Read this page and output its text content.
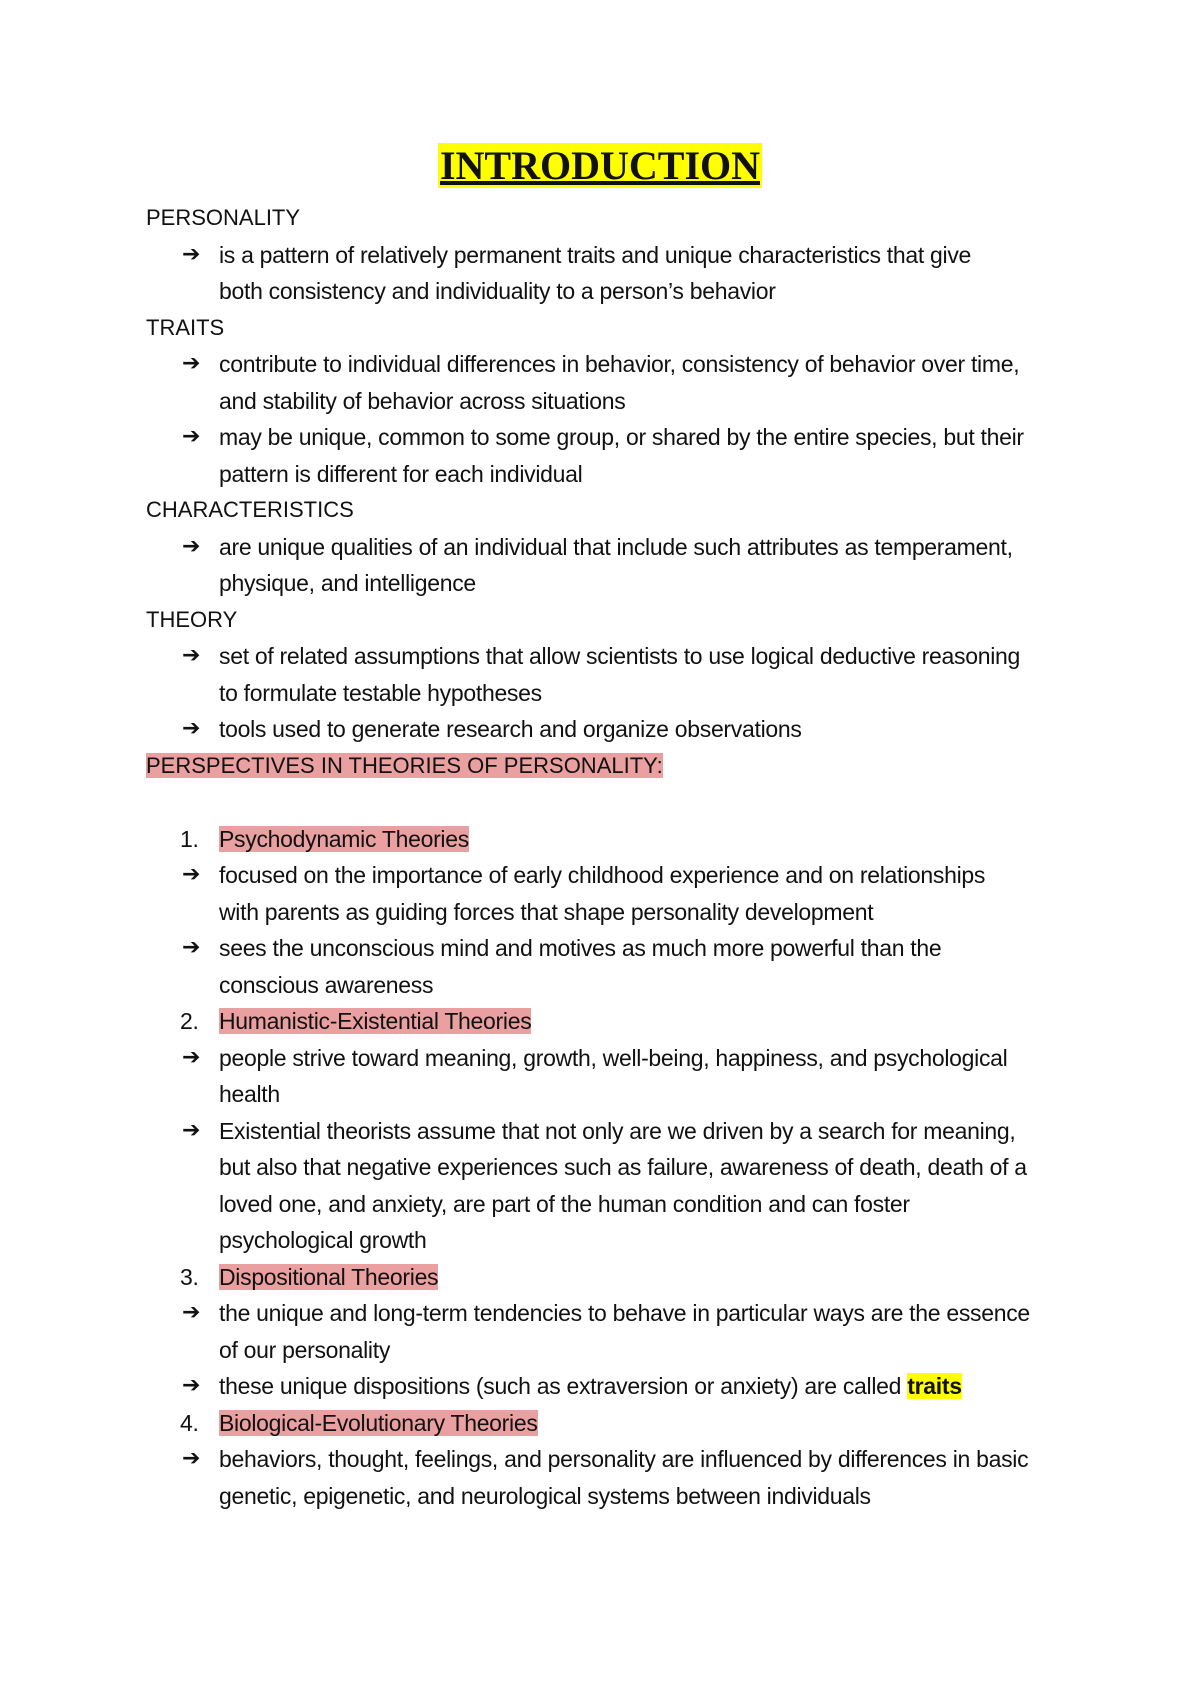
INTRODUCTION
PERSONALITY
➔ is a pattern of relatively permanent traits and unique characteristics that give
both consistency and individuality to a person’s behavior
TRAITS
➔ contribute to individual differences in behavior, consistency of behavior over time,
and stability of behavior across situations
➔ may be unique, common to some group, or shared by the entire species, but their
pattern is different for each individual
CHARACTERISTICS
➔ are unique qualities of an individual that include such attributes as temperament,
physique, and intelligence
THEORY
➔ set of related assumptions that allow scientists to use logical deductive reasoning
to formulate testable hypotheses
➔ tools used to generate research and organize observations
PERSPECTIVES IN THEORIES OF PERSONALITY:
1. Psychodynamic Theories
➔ focused on the importance of early childhood experience and on relationships
with parents as guiding forces that shape personality development
➔ sees the unconscious mind and motives as much more powerful than the
conscious awareness
2. Humanistic-Existential Theories
➔ people strive toward meaning, growth, well-being, happiness, and psychological
health
➔ Existential theorists assume that not only are we driven by a search for meaning,
but also that negative experiences such as failure, awareness of death, death of a
loved one, and anxiety, are part of the human condition and can foster
psychological growth
3. Dispositional Theories
➔ the unique and long-term tendencies to behave in particular ways are the essence
of our personality
➔ these unique dispositions (such as extraversion or anxiety) are called traits
4. Biological-Evolutionary Theories
➔ behaviors, thought, feelings, and personality are influenced by differences in basic
genetic, epigenetic, and neurological systems between individuals
